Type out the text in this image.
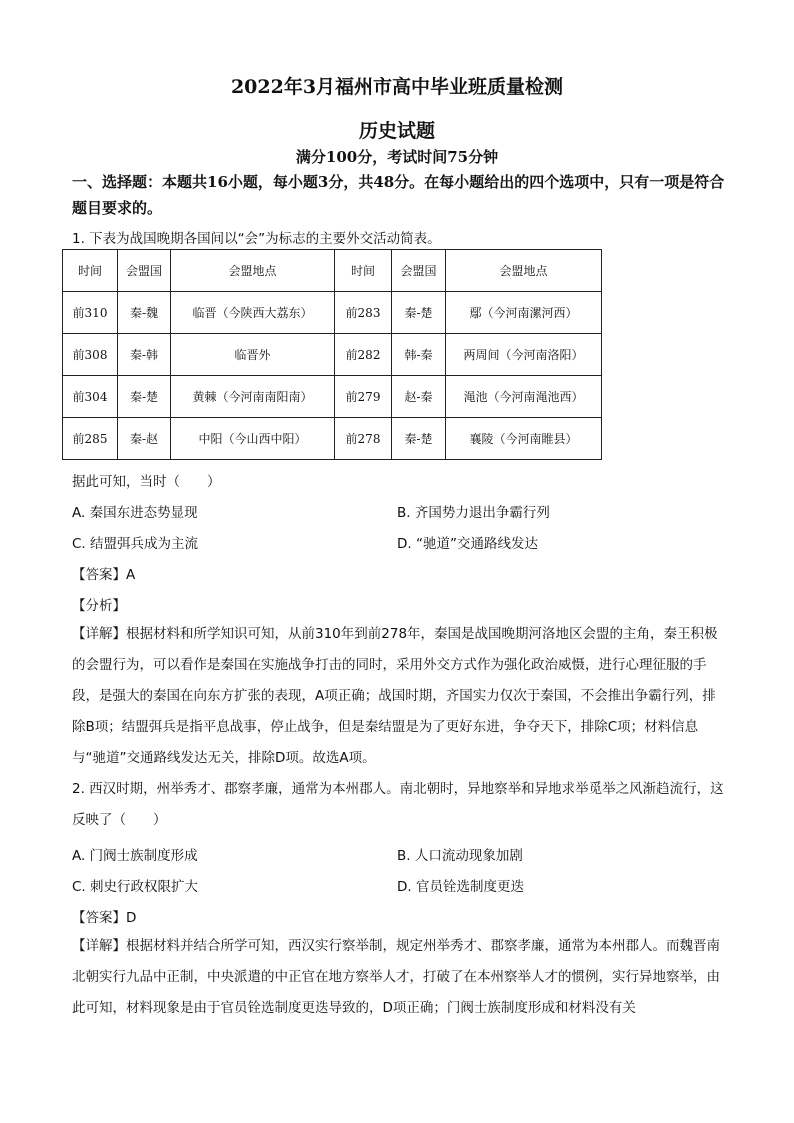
2022年3月福州市高中毕业班质量检测
历史试题
满分100分，考试时间75分钟
一、选择题：本题共16小题，每小题3分，共48分。在每小题给出的四个选项中，只有一项是符合题目要求的。
1. 下表为战国晚期各国间以“会”为标志的主要外交活动简表。
时间	会盟国	会盟地点	时间	会盟国	会盟地点
前310	秦-魏	临晋（今陕西大荔东）	前283	秦-楚	鄢（今河南漯河西）
前308	秦-韩	临晋外	前282	韩-秦	两周间（今河南洛阳）
前304	秦-楚	黄棘（今河南南阳南）	前279	赵-秦	渑池（今河南渑池西）
前285	秦-赵	中阳（今山西中阳）	前278	秦-楚	襄陵（今河南睢县）
据此可知，当时（　　）
A. 秦国东进态势显现	B. 齐国势力退出争霸行列
C. 结盟弭兵成为主流	D. “驰道”交通路线发达
【答案】A
【分析】
【详解】根据材料和所学知识可知，从前310年到前278年，秦国是战国晚期河洛地区会盟的主角，秦王积极的会盟行为，可以看作是秦国在实施战争打击的同时，采用外交方式作为强化政治威慑，进行心理征服的手段，是强大的秦国在向东方扩张的表现，A项正确；战国时期，齐国实力仅次于秦国，不会推出争霸行列，排除B项；结盟弭兵是指平息战事，停止战争，但是秦结盟是为了更好东进，争夺天下，排除C项；材料信息与“驰道”交通路线发达无关，排除D项。故选A项。
2. 西汉时期，州举秀才、郡察孝廉，通常为本州郡人。南北朝时，异地察举和异地求举觅举之风渐趋流行，这反映了（　　）
A. 门阀士族制度形成	B. 人口流动现象加剧
C. 刺史行政权限扩大	D. 官员铨选制度更迭
【答案】D
【详解】根据材料并结合所学可知，西汉实行察举制，规定州举秀才、郡察孝廉，通常为本州郡人。而魏晋南北朝实行九品中正制，中央派遣的中正官在地方察举人才，打破了在本州察举人才的惯例，实行异地察举，由此可知，材料现象是由于官员铨选制度更迭导致的，D项正确；门阀士族制度形成和材料没有关
